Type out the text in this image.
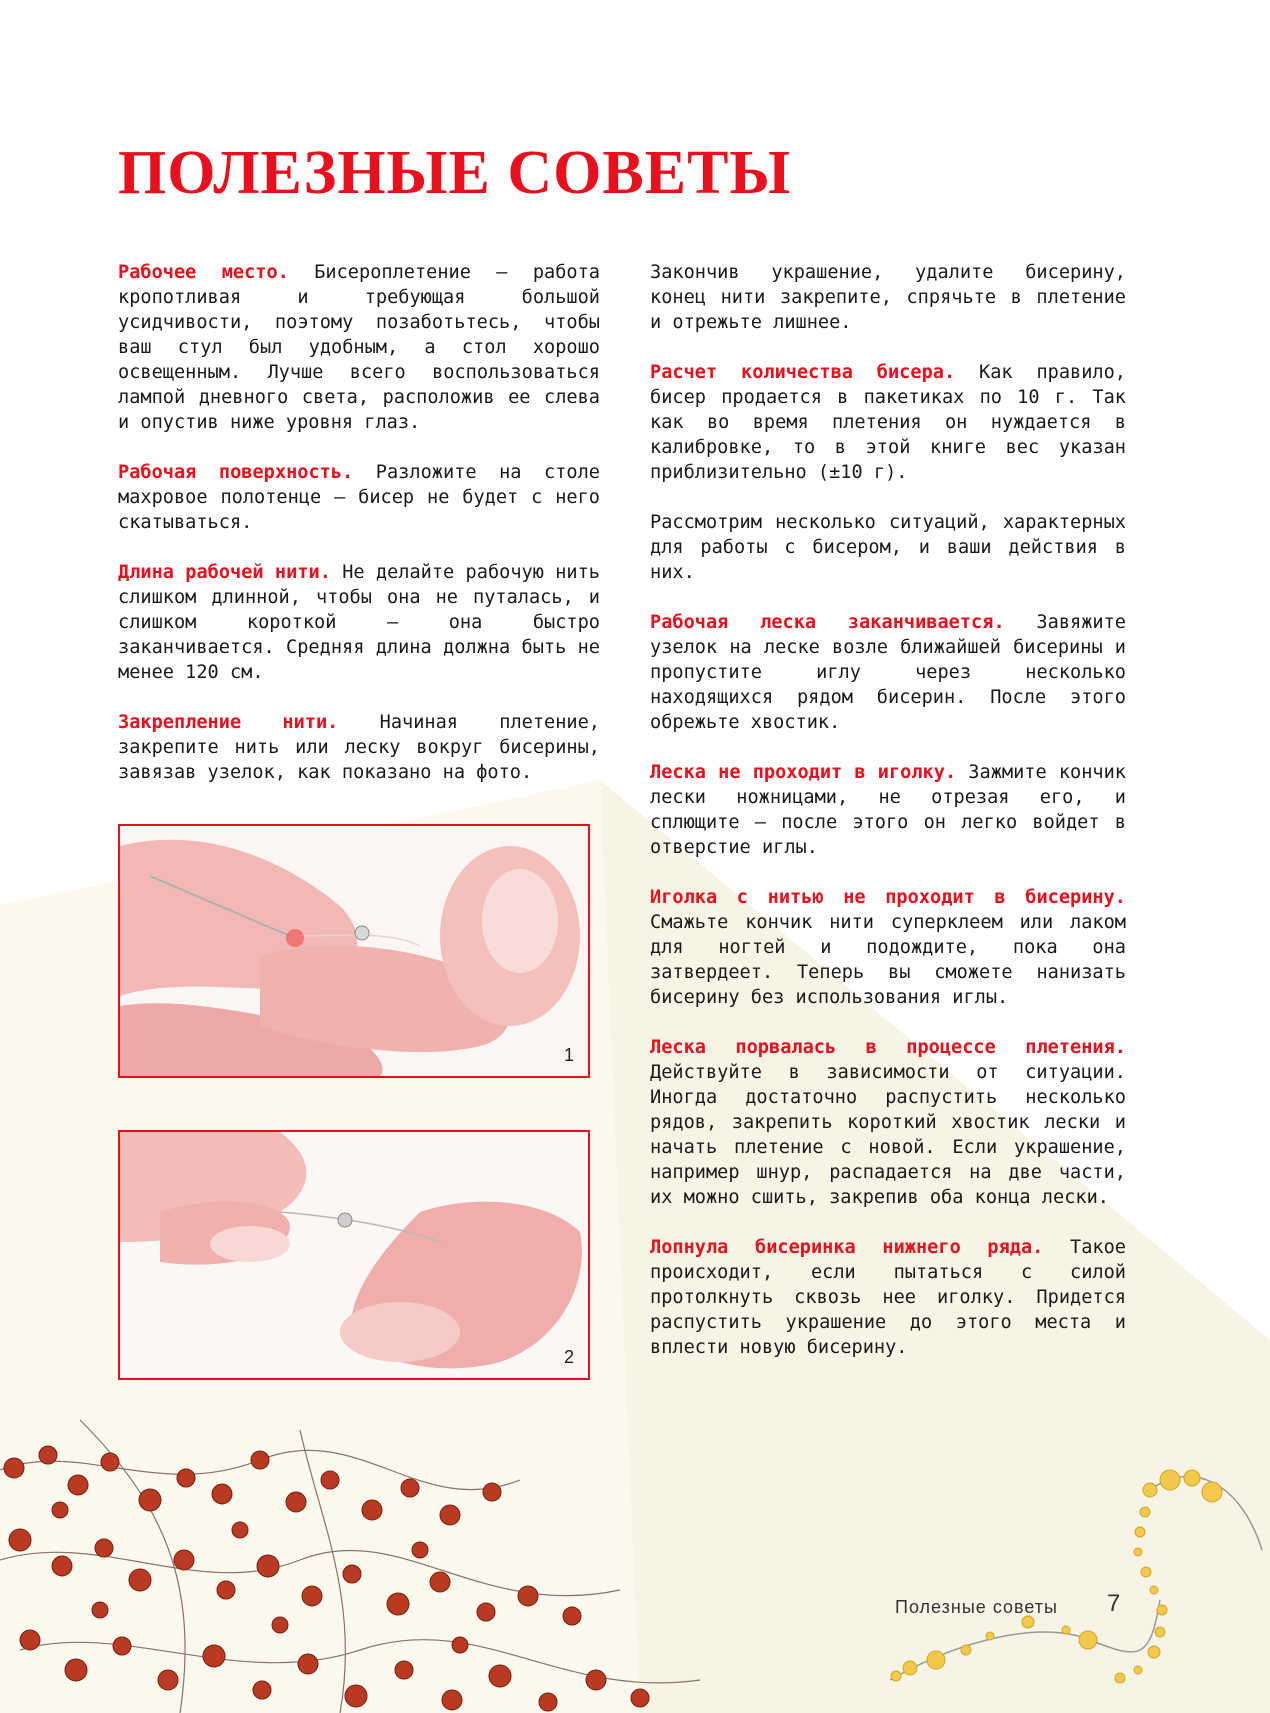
ПОЛЕЗНЫЕ СОВЕТЫ

Рабочее место. Бисероплетение — работа кропотливая и требующая большой усидчивости, поэтому позаботьтесь, чтобы ваш стул был удобным, а стол хорошо освещенным. Лучше всего воспользоваться лампой дневного света, расположив ее слева и опустив ниже уровня глаз.

Рабочая поверхность. Разложите на столе махровое полотенце — бисер не будет с него скатываться.

Длина рабочей нити. Не делайте рабочую нить слишком длинной, чтобы она не путалась, и слишком короткой — она быстро заканчивается. Средняя длина должна быть не менее 120 см.

Закрепление нити. Начиная плетение, закрепите нить или леску вокруг бисерины, завязав узелок, как показано на фото.

1
2

Закончив украшение, удалите бисерину, конец нити закрепите, спрячьте в плетение и отрежьте лишнее.

Расчет количества бисера. Как правило, бисер продается в пакетиках по 10 г. Так как во время плетения он нуждается в калибровке, то в этой книге вес указан приблизительно (±10 г).

Рассмотрим несколько ситуаций, характерных для работы с бисером, и ваши действия в них.

Рабочая леска заканчивается. Завяжите узелок на леске возле ближайшей бисерины и пропустите иглу через несколько находящихся рядом бисерин. После этого обрежьте хвостик.

Леска не проходит в иголку. Зажмите кончик лески ножницами, не отрезая его, и сплющите — после этого он легко войдет в отверстие иглы.

Иголка с нитью не проходит в бисерину. Смажьте кончик нити суперклеем или лаком для ногтей и подождите, пока она затвердеет. Теперь вы сможете нанизать бисерину без использования иглы.

Леска порвалась в процессе плетения. Действуйте в зависимости от ситуации. Иногда достаточно распустить несколько рядов, закрепить короткий хвостик лески и начать плетение с новой. Если украшение, например шнур, распадается на две части, их можно сшить, закрепив оба конца лески.

Лопнула бисеринка нижнего ряда. Такое происходит, если пытаться с силой протолкнуть сквозь нее иголку. Придется распустить украшение до этого места и вплести новую бисерину.

Полезные советы 7
